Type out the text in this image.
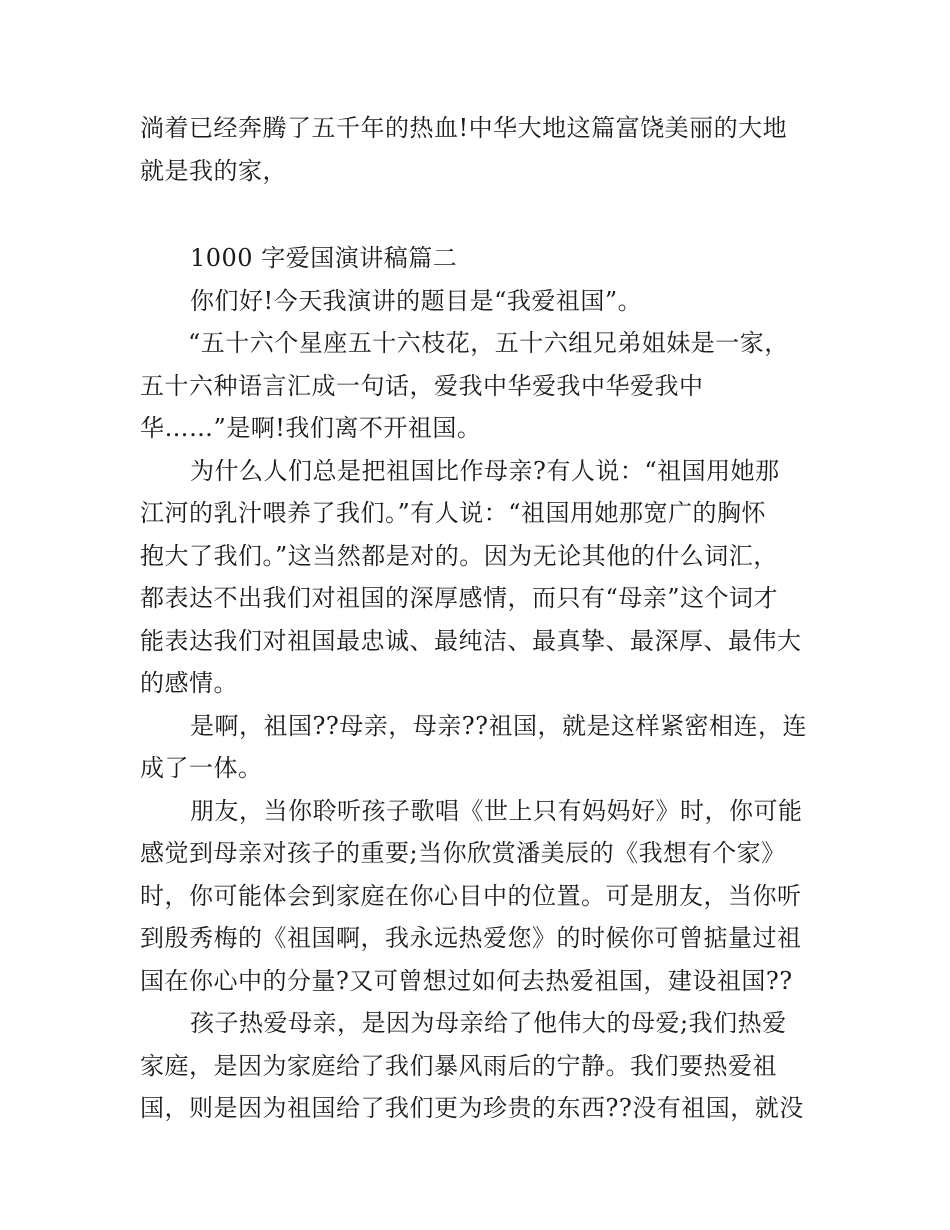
淌着已经奔腾了五千年的热血!中华大地这篇富饶美丽的大地
就是我的家，
1000 字爱国演讲稿篇二
你们好!今天我演讲的题目是“我爱祖国”。
“五十六个星座五十六枝花，五十六组兄弟姐妹是一家，
五十六种语言汇成一句话，爱我中华爱我中华爱我中
华……”是啊!我们离不开祖国。
为什么人们总是把祖国比作母亲?有人说：“祖国用她那
江河的乳汁喂养了我们。”有人说：“祖国用她那宽广的胸怀
抱大了我们。”这当然都是对的。因为无论其他的什么词汇，
都表达不出我们对祖国的深厚感情，而只有“母亲”这个词才
能表达我们对祖国最忠诚、最纯洁、最真挚、最深厚、最伟大
的感情。
是啊，祖国??母亲，母亲??祖国，就是这样紧密相连，连
成了一体。
朋友，当你聆听孩子歌唱《世上只有妈妈好》时，你可能
感觉到母亲对孩子的重要;当你欣赏潘美辰的《我想有个家》
时，你可能体会到家庭在你心目中的位置。可是朋友，当你听
到殷秀梅的《祖国啊，我永远热爱您》的时候你可曾掂量过祖
国在你心中的分量?又可曾想过如何去热爱祖国，建设祖国??
孩子热爱母亲，是因为母亲给了他伟大的母爱;我们热爱
家庭，是因为家庭给了我们暴风雨后的宁静。我们要热爱祖
国，则是因为祖国给了我们更为珍贵的东西??没有祖国，就没
